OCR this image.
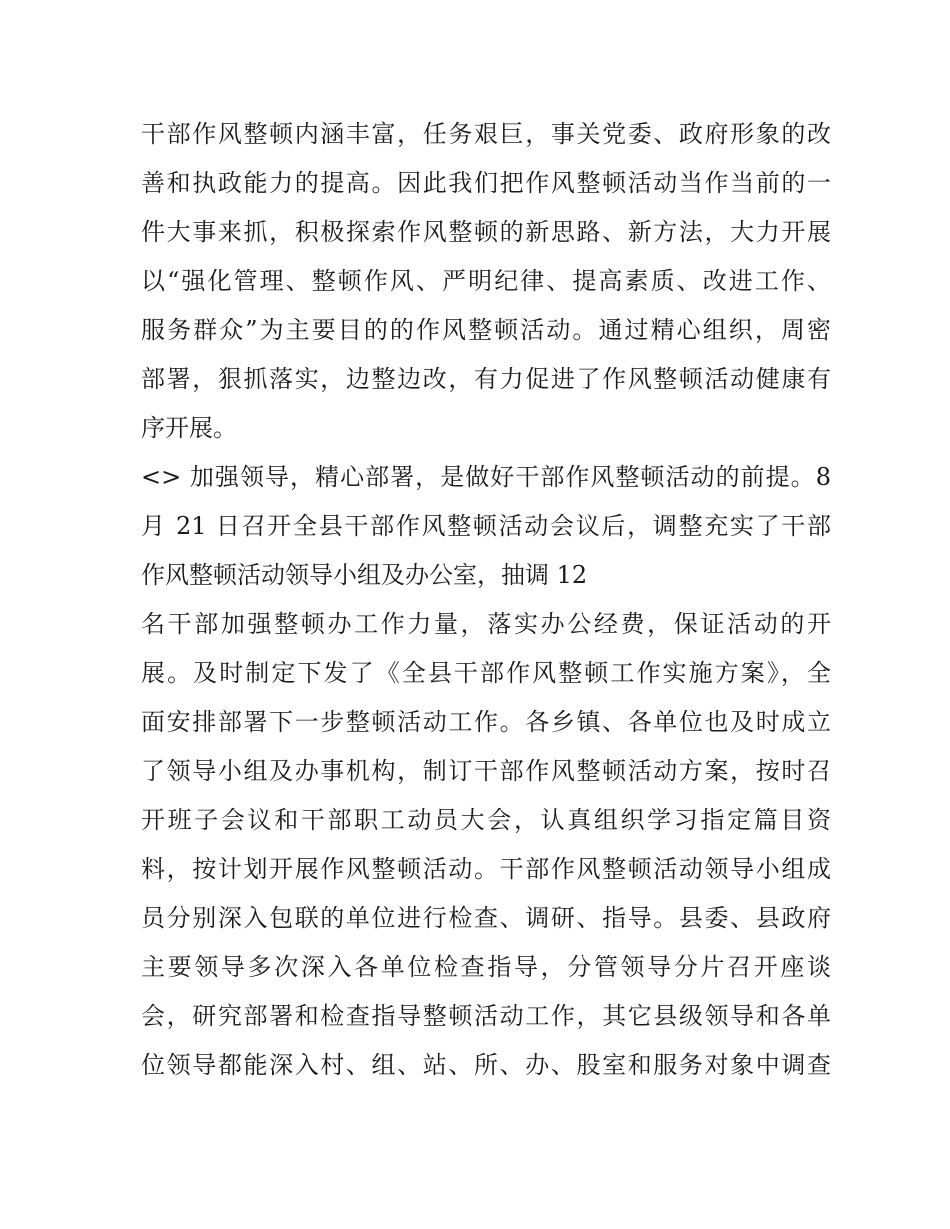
干部作风整顿内涵丰富，任务艰巨，事关党委、政府形象的改
善和执政能力的提高。因此我们把作风整顿活动当作当前的一
件大事来抓，积极探索作风整顿的新思路、新方法，大力开展
以“强化管理、整顿作风、严明纪律、提高素质、改进工作、
服务群众”为主要目的的作风整顿活动。通过精心组织，周密
部署，狠抓落实，边整边改，有力促进了作风整顿活动健康有
序开展。
<> 加强领导，精心部署，是做好干部作风整顿活动的前提。8
月 21 日召开全县干部作风整顿活动会议后，调整充实了干部
作风整顿活动领导小组及办公室，抽调 12
名干部加强整顿办工作力量，落实办公经费，保证活动的开
展。及时制定下发了《全县干部作风整顿工作实施方案》，全
面安排部署下一步整顿活动工作。各乡镇、各单位也及时成立
了领导小组及办事机构，制订干部作风整顿活动方案，按时召
开班子会议和干部职工动员大会，认真组织学习指定篇目资
料，按计划开展作风整顿活动。干部作风整顿活动领导小组成
员分别深入包联的单位进行检查、调研、指导。县委、县政府
主要领导多次深入各单位检查指导，分管领导分片召开座谈
会，研究部署和检查指导整顿活动工作，其它县级领导和各单
位领导都能深入村、组、站、所、办、股室和服务对象中调查
